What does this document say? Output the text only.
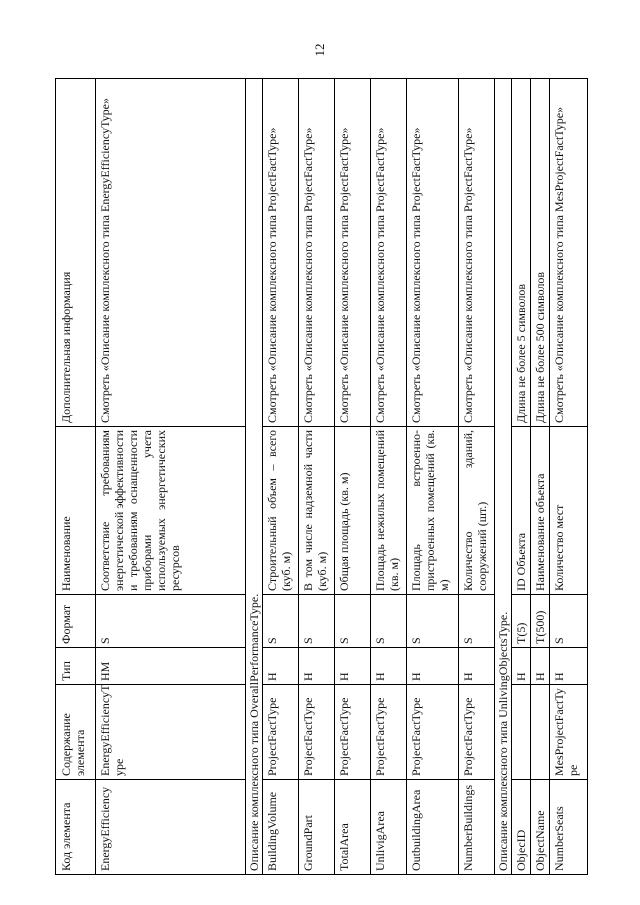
12
Код элемента	Содержание элемента	Тип	Формат	Наименование	Дополнительная информация
EnergyEfficiency	EnergyEfficiencyT ype	НМ	S	Соответствие требованиям энергетической эффективности и требованиям оснащенности приборами учета используемых энергетических ресурсов	Смотреть «Описание комплексного типа EnergyEfficiencyType»
Описание комплексного типа OverallPerformanceType.					
BuildingVolume	ProjectFactType	Н	S	Строительный объем – всего (куб. м)	Смотреть «Описание комплексного типа ProjectFactType»
GroundPart	ProjectFactType	Н	S	В том числе надземной части (куб. м)	Смотреть «Описание комплексного типа ProjectFactType»
TotalArea	ProjectFactType	Н	S	Общая площадь (кв. м)	Смотреть «Описание комплексного типа ProjectFactType»
UnlivigArea	ProjectFactType	Н	S	Площадь нежилых помещений (кв. м)	Смотреть «Описание комплексного типа ProjectFactType»
OutbuildingArea	ProjectFactType	Н	S	Площадь встроенно-пристроенных помещений (кв. м)	Смотреть «Описание комплексного типа ProjectFactType»
NumberBuildings	ProjectFactType	Н	S	Количество зданий, сооружений (шт.)	Смотреть «Описание комплексного типа ProjectFactType»
Описание комплексного типа UnlivingObjectsType.					
ObjecID		Н	T(5)	ID Объекта	Длина не более 5 символов
ObjectName		Н	T(500)	Наименование объекта	Длина не более 500 символов
NumberSeats	MesProjectFactTy pe	Н	S	Количество мест	Смотреть «Описание комплексного типа MesProjectFactType»
